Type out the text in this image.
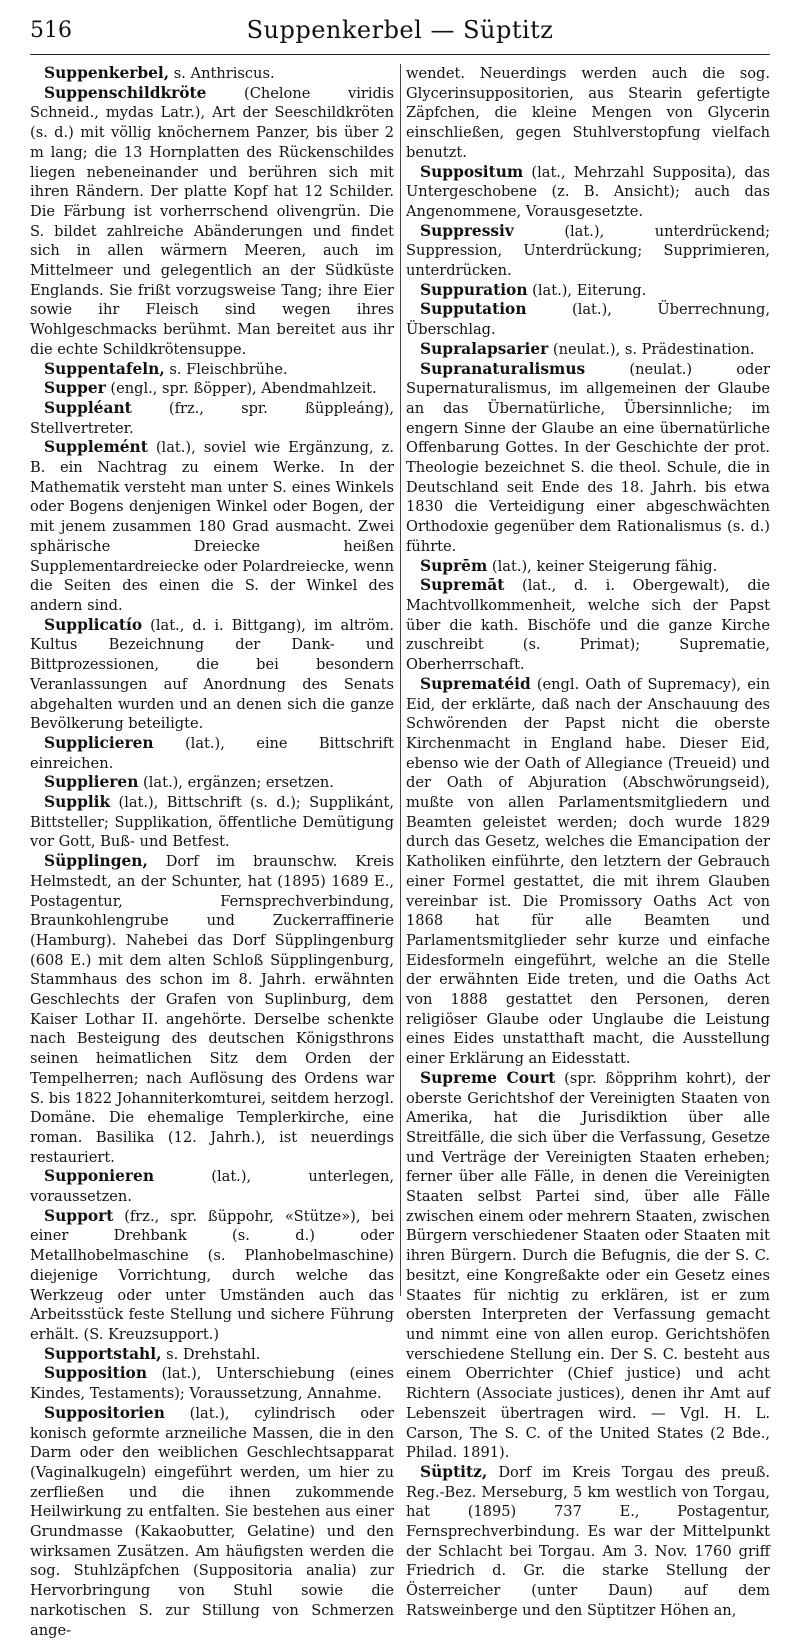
516	Suppenkerbel — Süptitz

Suppenkerbel, s. Anthriscus.

Suppenschildkröte (Chelone viridis Schneid., mydas Latr.), Art der Seeschildkröten (s. d.) mit völlig knöchernem Panzer, bis über 2 m lang; die 13 Hornplatten des Rückenschildes liegen nebeneinander und berühren sich mit ihren Rändern. Der platte Kopf hat 12 Schilder. Die Färbung ist vorherrschend olivengrün. Die S. bildet zahlreiche Abänderungen und findet sich in allen wärmern Meeren, auch im Mittelmeer und gelegentlich an der Südküste Englands. Sie frißt vorzugsweise Tang; ihre Eier sowie ihr Fleisch sind wegen ihres Wohlgeschmacks berühmt. Man bereitet aus ihr die echte Schildkrötensuppe.

Suppentafeln, s. Fleischbrühe.

Supper (engl., spr. ßöpper), Abendmahlzeit.

Suppléant (frz., spr. ßüppleáng), Stellvertreter.

Supplemént (lat.), soviel wie Ergänzung, z. B. ein Nachtrag zu einem Werke. In der Mathematik versteht man unter S. eines Winkels oder Bogens denjenigen Winkel oder Bogen, der mit jenem zusammen 180 Grad ausmacht. Zwei sphärische Dreiecke heißen Supplementardreiecke oder Polardreiecke, wenn die Seiten des einen die S. der Winkel des andern sind.

Supplicatío (lat., d. i. Bittgang), im altröm. Kultus Bezeichnung der Dank- und Bittprozessionen, die bei besondern Veranlassungen auf Anordnung des Senats abgehalten wurden und an denen sich die ganze Bevölkerung beteiligte.

Supplicieren (lat.), eine Bittschrift einreichen.

Supplieren (lat.), ergänzen; ersetzen.

Supplik (lat.), Bittschrift (s. d.); Supplikánt, Bittsteller; Supplikation, öffentliche Demütigung vor Gott, Buß- und Betfest.

Süpplingen, Dorf im braunschw. Kreis Helmstedt, an der Schunter, hat (1895) 1689 E., Postagentur, Fernsprechverbindung, Braunkohlengrube und Zuckerraffinerie (Hamburg). Nahebei das Dorf Süpplingenburg (608 E.) mit dem alten Schloß Süpplingenburg, Stammhaus des schon im 8. Jahrh. erwähnten Geschlechts der Grafen von Suplinburg, dem Kaiser Lothar II. angehörte. Derselbe schenkte nach Besteigung des deutschen Königsthrons seinen heimatlichen Sitz dem Orden der Tempelherren; nach Auflösung des Ordens war S. bis 1822 Johanniterkomturei, seitdem herzogl. Domäne. Die ehemalige Templerkirche, eine roman. Basilika (12. Jahrh.), ist neuerdings restauriert.

Supponieren (lat.), unterlegen, voraussetzen.

Support (frz., spr. ßüppohr, «Stütze»), bei einer Drehbank (s. d.) oder Metallhobelmaschine (s. Planhobelmaschine) diejenige Vorrichtung, durch welche das Werkzeug oder unter Umständen auch das Arbeitsstück feste Stellung und sichere Führung erhält. (S. Kreuzsupport.)

Supportstahl, s. Drehstahl.

Supposition (lat.), Unterschiebung (eines Kindes, Testaments); Voraussetzung, Annahme.

Suppositorien (lat.), cylindrisch oder konisch geformte arzneiliche Massen, die in den Darm oder den weiblichen Geschlechtsapparat (Vaginalkugeln) eingeführt werden, um hier zu zerfließen und die ihnen zukommende Heilwirkung zu entfalten. Sie bestehen aus einer Grundmasse (Kakaobutter, Gelatine) und den wirksamen Zusätzen. Am häufigsten werden die sog. Stuhlzäpfchen (Suppositoria analia) zur Hervorbringung von Stuhl sowie die narkotischen S. zur Stillung von Schmerzen ange-

wendet. Neuerdings werden auch die sog. Glycerinsuppositorien, aus Stearin gefertigte Zäpfchen, die kleine Mengen von Glycerin einschließen, gegen Stuhlverstopfung vielfach benutzt.

Suppositum (lat., Mehrzahl Supposita), das Untergeschobene (z. B. Ansicht); auch das Angenommene, Vorausgesetzte.

Suppressiv (lat.), unterdrückend; Suppression, Unterdrückung; Supprimieren, unterdrücken.

Suppuration (lat.), Eiterung.

Supputation (lat.), Überrechnung, Überschlag.

Supralapsarier (neulat.), s. Prädestination.

Supranaturalismus (neulat.) oder Supernaturalismus, im allgemeinen der Glaube an das Übernatürliche, Übersinnliche; im engern Sinne der Glaube an eine übernatürliche Offenbarung Gottes. In der Geschichte der prot. Theologie bezeichnet S. die theol. Schule, die in Deutschland seit Ende des 18. Jahrh. bis etwa 1830 die Verteidigung einer abgeschwächten Orthodoxie gegenüber dem Rationalismus (s. d.) führte.

Suprēm (lat.), keiner Steigerung fähig.

Supremāt (lat., d. i. Obergewalt), die Machtvollkommenheit, welche sich der Papst über die kath. Bischöfe und die ganze Kirche zuschreibt (s. Primat); Suprematie, Oberherrschaft.

Suprematéid (engl. Oath of Supremacy), ein Eid, der erklärte, daß nach der Anschauung des Schwörenden der Papst nicht die oberste Kirchenmacht in England habe. Dieser Eid, ebenso wie der Oath of Allegiance (Treueid) und der Oath of Abjuration (Abschwörungseid), mußte von allen Parlamentsmitgliedern und Beamten geleistet werden; doch wurde 1829 durch das Gesetz, welches die Emancipation der Katholiken einführte, den letztern der Gebrauch einer Formel gestattet, die mit ihrem Glauben vereinbar ist. Die Promissory Oaths Act von 1868 hat für alle Beamten und Parlamentsmitglieder sehr kurze und einfache Eidesformeln eingeführt, welche an die Stelle der erwähnten Eide treten, und die Oaths Act von 1888 gestattet den Personen, deren religiöser Glaube oder Unglaube die Leistung eines Eides unstatthaft macht, die Ausstellung einer Erklärung an Eidesstatt.

Supreme Court (spr. ßöpprihm kohrt), der oberste Gerichtshof der Vereinigten Staaten von Amerika, hat die Jurisdiktion über alle Streitfälle, die sich über die Verfassung, Gesetze und Verträge der Vereinigten Staaten erheben; ferner über alle Fälle, in denen die Vereinigten Staaten selbst Partei sind, über alle Fälle zwischen einem oder mehrern Staaten, zwischen Bürgern verschiedener Staaten oder Staaten mit ihren Bürgern. Durch die Befugnis, die der S. C. besitzt, eine Kongreßakte oder ein Gesetz eines Staates für nichtig zu erklären, ist er zum obersten Interpreten der Verfassung gemacht und nimmt eine von allen europ. Gerichtshöfen verschiedene Stellung ein. Der S. C. besteht aus einem Oberrichter (Chief justice) und acht Richtern (Associate justices), denen ihr Amt auf Lebenszeit übertragen wird. — Vgl. H. L. Carson, The S. C. of the United States (2 Bde., Philad. 1891).

Süptitz, Dorf im Kreis Torgau des preuß. Reg.-Bez. Merseburg, 5 km westlich von Torgau, hat (1895) 737 E., Postagentur, Fernsprechverbindung. Es war der Mittelpunkt der Schlacht bei Torgau. Am 3. Nov. 1760 griff Friedrich d. Gr. die starke Stellung der Österreicher (unter Daun) auf dem Ratsweinberge und den Süptitzer Höhen an,
